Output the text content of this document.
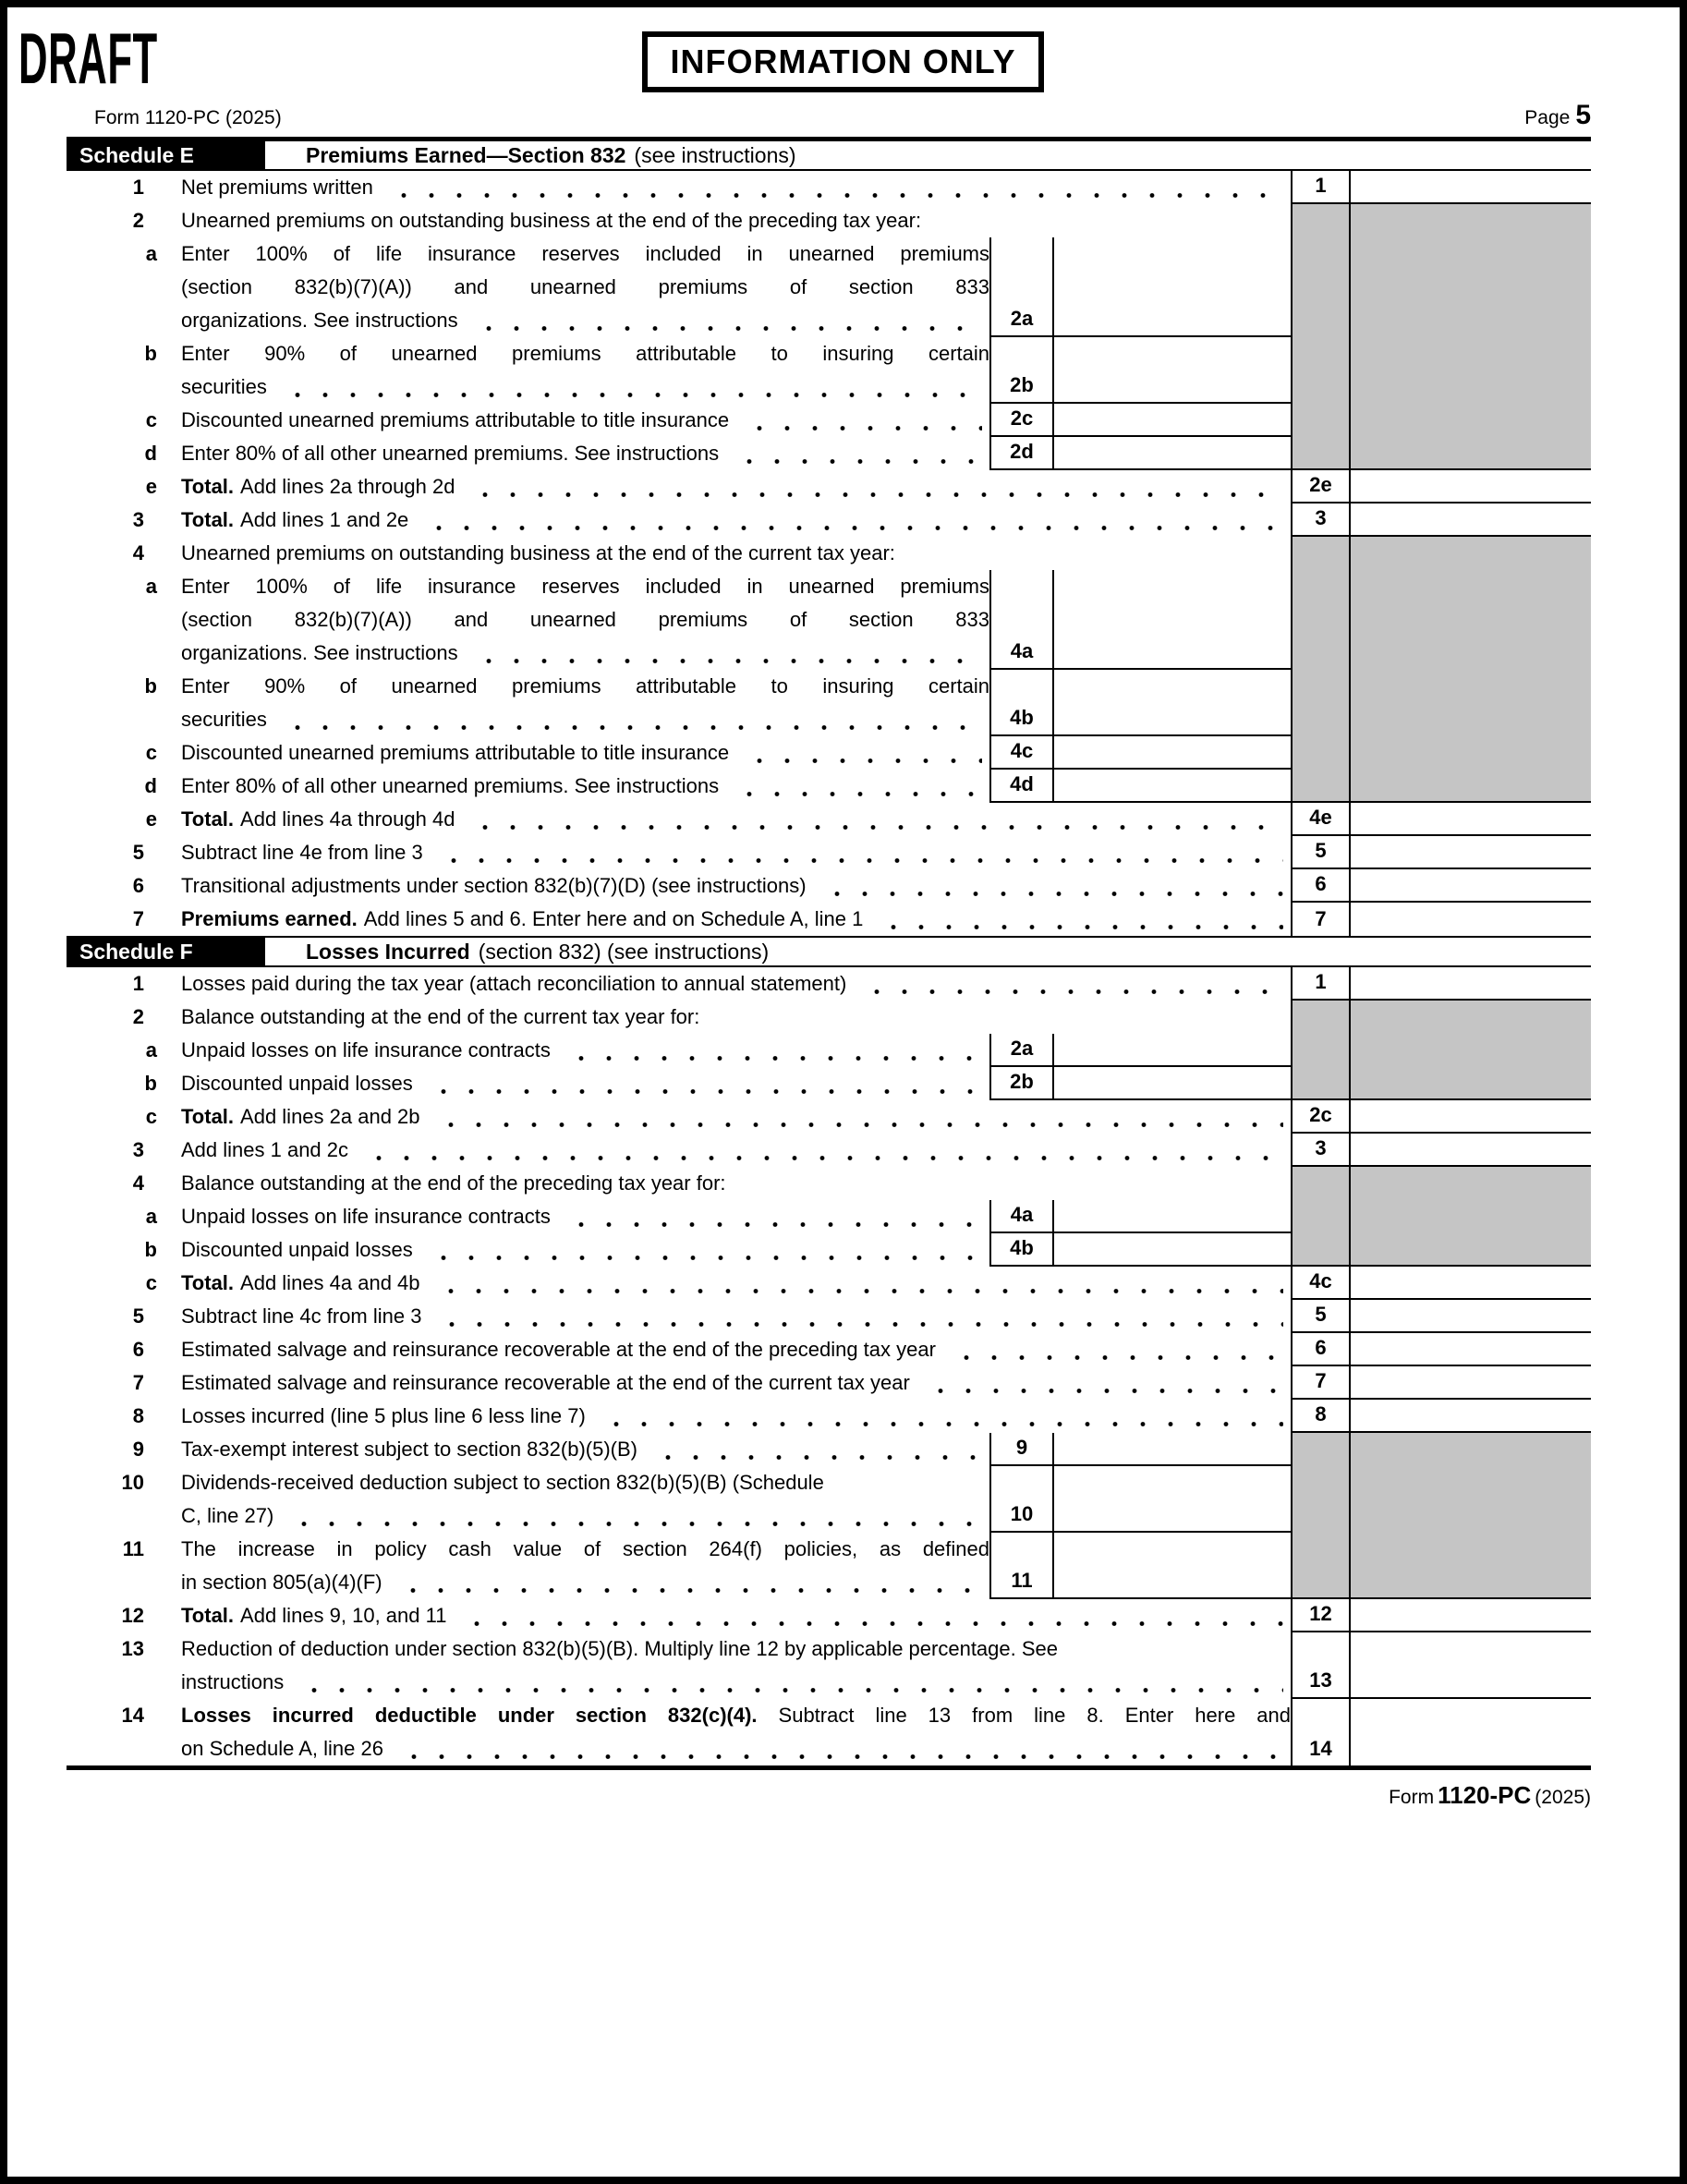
DRAFT	INFORMATION ONLY
Form 1120-PC (2025)	Page 5
Schedule E	Premiums Earned—Section 832 (see instructions)
1	Net premiums written	1
2	Unearned premiums on outstanding business at the end of the preceding tax year:
a	Enter 100% of life insurance reserves included in unearned premiums
(section 832(b)(7)(A)) and unearned premiums of section 833
organizations. See instructions	2a
b	Enter 90% of unearned premiums attributable to insuring certain
securities	2b
c	Discounted unearned premiums attributable to title insurance	2c
d	Enter 80% of all other unearned premiums. See instructions	2d
e	Total. Add lines 2a through 2d	2e
3	Total. Add lines 1 and 2e	3
4	Unearned premiums on outstanding business at the end of the current tax year:
a	Enter 100% of life insurance reserves included in unearned premiums
(section 832(b)(7)(A)) and unearned premiums of section 833
organizations. See instructions	4a
b	Enter 90% of unearned premiums attributable to insuring certain
securities	4b
c	Discounted unearned premiums attributable to title insurance	4c
d	Enter 80% of all other unearned premiums. See instructions	4d
e	Total. Add lines 4a through 4d	4e
5	Subtract line 4e from line 3	5
6	Transitional adjustments under section 832(b)(7)(D) (see instructions)	6
7	Premiums earned. Add lines 5 and 6. Enter here and on Schedule A, line 1	7
Schedule F	Losses Incurred (section 832) (see instructions)
1	Losses paid during the tax year (attach reconciliation to annual statement)	1
2	Balance outstanding at the end of the current tax year for:
a	Unpaid losses on life insurance contracts	2a
b	Discounted unpaid losses	2b
c	Total. Add lines 2a and 2b	2c
3	Add lines 1 and 2c	3
4	Balance outstanding at the end of the preceding tax year for:
a	Unpaid losses on life insurance contracts	4a
b	Discounted unpaid losses	4b
c	Total. Add lines 4a and 4b	4c
5	Subtract line 4c from line 3	5
6	Estimated salvage and reinsurance recoverable at the end of the preceding tax year	6
7	Estimated salvage and reinsurance recoverable at the end of the current tax year	7
8	Losses incurred (line 5 plus line 6 less line 7)	8
9	Tax-exempt interest subject to section 832(b)(5)(B)	9
10	Dividends-received deduction subject to section 832(b)(5)(B) (Schedule
C, line 27)	10
11	The increase in policy cash value of section 264(f) policies, as defined
in section 805(a)(4)(F)	11
12	Total. Add lines 9, 10, and 11	12
13	Reduction of deduction under section 832(b)(5)(B). Multiply line 12 by applicable percentage. See
instructions	13
14	Losses incurred deductible under section 832(c)(4). Subtract line 13 from line 8. Enter here and
on Schedule A, line 26	14
Form 1120-PC (2025)
